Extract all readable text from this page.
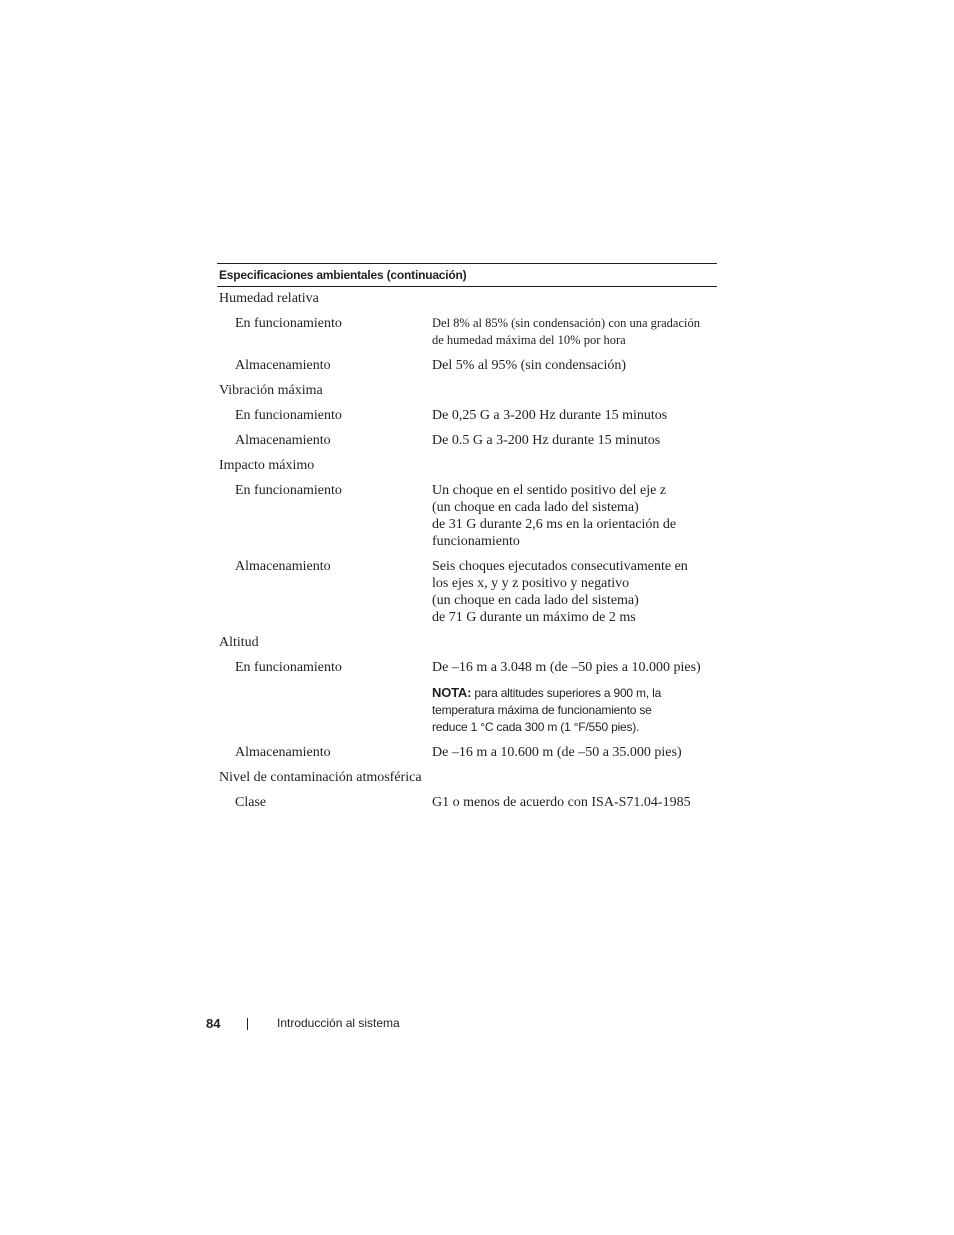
Especificaciones ambientales (continuación)
Humedad relativa
En funcionamiento	Del 8% al 85% (sin condensación) con una gradación
de humedad máxima del 10% por hora
Almacenamiento	Del 5% al 95% (sin condensación)
Vibración máxima
En funcionamiento	De 0,25 G a 3-200 Hz durante 15 minutos
Almacenamiento	De 0.5 G a 3-200 Hz durante 15 minutos
Impacto máximo
En funcionamiento	Un choque en el sentido positivo del eje z
(un choque en cada lado del sistema)
de 31 G durante 2,6 ms en la orientación de
funcionamiento
Almacenamiento	Seis choques ejecutados consecutivamente en
los ejes x, y y z positivo y negativo
(un choque en cada lado del sistema)
de 71 G durante un máximo de 2 ms
Altitud
En funcionamiento	De –16 m a 3.048 m (de –50 pies a 10.000 pies)
NOTA: para altitudes superiores a 900 m, la
temperatura máxima de funcionamiento se
reduce 1 °C cada 300 m (1 °F/550 pies).
Almacenamiento	De –16 m a 10.600 m (de –50 a 35.000 pies)
Nivel de contaminación atmosférica
Clase	G1 o menos de acuerdo con ISA-S71.04-1985
84	Introducción al sistema
